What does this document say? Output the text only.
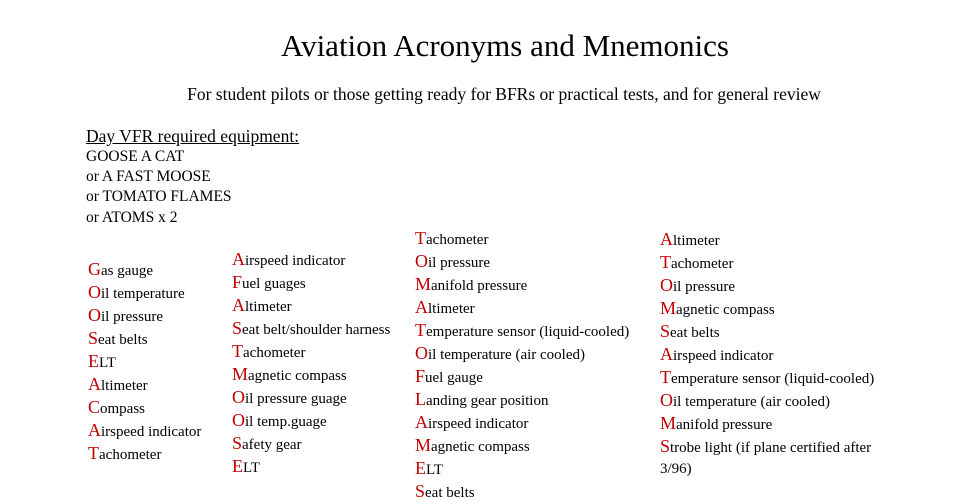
Aviation Acronyms and Mnemonics
For student pilots or those getting ready for BFRs or practical tests, and for general review
Day VFR required equipment:
GOOSE A CAT
or A FAST MOOSE
or TOMATO FLAMES
or ATOMS x 2
Gas gauge
Oil temperature
Oil pressure
Seat belts
ELT
Altimeter
Compass
Airspeed indicator
Tachometer
Airspeed indicator
Fuel guages
Altimeter
Seat belt/shoulder harness
Tachometer
Magnetic compass
Oil pressure guage
Oil temp.guage
Safety gear
ELT
Tachometer
Oil pressure
Manifold pressure
Altimeter
Temperature sensor (liquid-cooled)
Oil temperature (air cooled)
Fuel gauge
Landing gear position
Airspeed indicator
Magnetic compass
ELT
Seat belts
Altimeter
Tachometer
Oil pressure
Magnetic compass
Seat belts
Airspeed indicator
Temperature sensor (liquid-cooled)
Oil temperature (air cooled)
Manifold pressure
Strobe light (if plane certified after 3/96)
